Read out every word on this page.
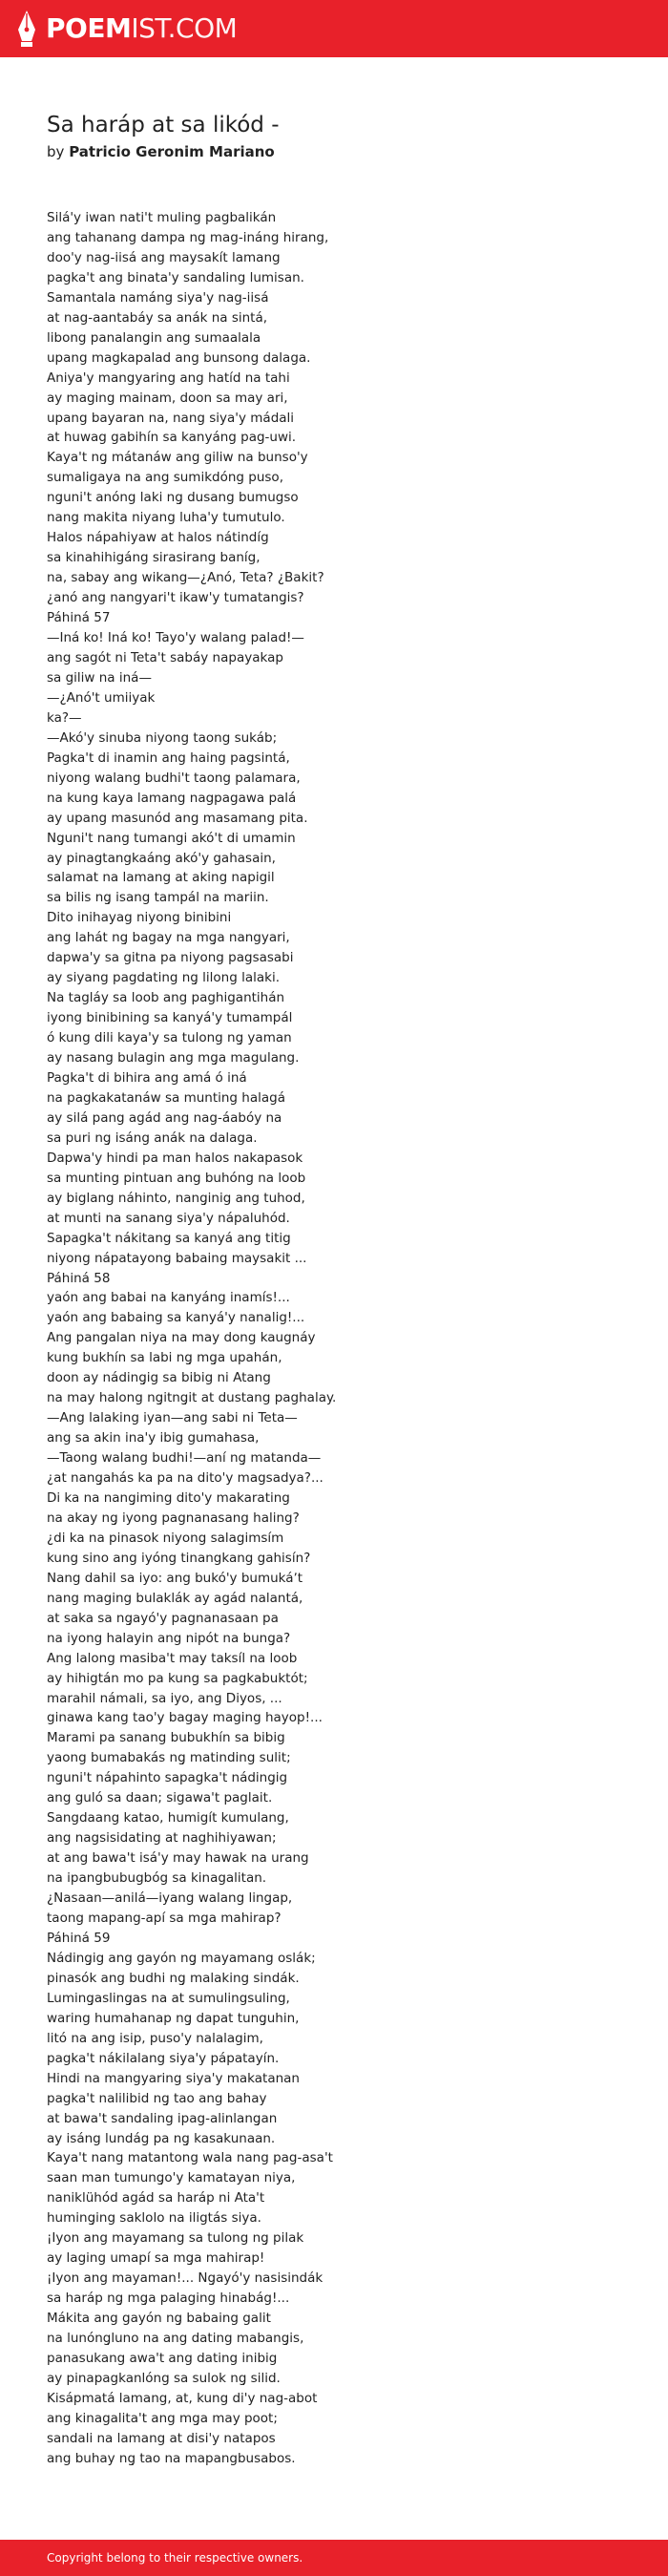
POEMIST.COM
Sa haráp at sa likód -
by Patricio Geronim Mariano
Silá'y iwan nati't muling pagbalikán
ang tahanang dampa ngͅ mag-ináng hirang,
doo'y nag-iisá ang maysakít lamang
pagka't ang binata'y sandaling lumisan.
Samantala namáng siya'y nag-iisá
at nag-aantabáy sa anák na sintá,
libong panalangͅin ang sumaalala
upang magkapalad ang bunsong dalaga.
Aniya'y mangyaring ang hatíd na tahi
ay maging mainam, doon sa may ari,
upang bayaran na, nang siya'y mádali
at huwag gabihín sa kanyáng pag-uwi.
Kaya't ngͅ mátanáw ang giliw na bunso'y
sumaligaya na ang sumikdóng puso,
ngͅuni't anóng laki ngͅ dusang bumugso
nang makita niyang luha'y tumutulo.
Halos nápahiyaw at halos nátindíg
sa kinahihigáng sirasirang baníg,
na, sabay ang wikang—¿Anó, Teta? ¿Bakit?
¿anó ang nangyari't ikaw'y tumatangͅis?
Páhiná 57
—Iná ko! Iná ko! Tayo'y walang palad!—
ang sagót ni Teta't sabáy napayakap
sa giliw na iná—
—¿Anó't umiiyak
ka?—
—Akó'y sinuba niyong taong sukáb;
Pagka't di inamin ang haing pagsintá,
niyong walang budhi't taong palamara,
na kung kaya lamang nagpagawa palá
ay upang masunód ang masamang pita.
Ngͅuni't nang tumangi akó't di umamin
ay pinagtangkaáng akó'y gahasain,
salamat na lamang at aking napigil
sa bilis ngͅ isang tampál na mariin.
Dito inihayag niyong binibini
ang lahát ngͅ bagay na mgͅa nangyari,
dapwa'y sa gitna pa niyong pagsasabi
ay siyang pagdating ngͅ lilong lalaki.
Na tagláy sa loob ang paghigantihán
iyong binibining sa kanyá'y tumampál
ó kung dili kaya'y sa tulong ngͅ yaman
ay nasang bulagin ang mgͅa magulang.
Pagka't di bihira ang amá ó iná
na pagkakatanáw sa munting halagá
ay silá pang agád ang nag-áabóy na
sa puri ngͅ isáng anák na dalaga.
Dapwa'y hindi pa man halos nakapasok
sa munting pintuan ang buhóng na loob
ay biglang náhinto, nangͅinig ang tuhod,
at munti na sanang siya'y nápaluhód.
Sapagka't nákitang sa kanyá ang titig
niyong nápatayong babaing maysakit ...
Páhiná 58
yaón ang babai na kanyáng inamís!...
yaón ang babaing sa kanyá'y nanalig!...
Ang pangͅalan niya na may dong kaugnáy
kung bukhín sa labi ngͅ mgͅa upahán,
doon ay nádingͅig sa bibig ni Atang
na may halong ngͅitngͅit at dustang paghalay.
—Ang lalaking iyan—ang sabi ni Teta—
ang sa akin ina'y ibig gumahasa,
—Taong walang budhi!—aní ngͅ matanda—
¿at nangͅahás ka pa na dito'y magsadya?...
Di ka na nangͅiming dito'y makarating
na akay ngͅ iyong pagnanasang haling?
¿di ka na pinasok niyong salagimsím
kung sino ang iyóng tinangkang gahisín?
Nang dahil sa iyo: ang bukó'y bumukáʼt
nang maging bulaklák ay agád nalantá,
at saka sa ngͅayó'y pagnanasaan pa
na iyong halayin ang nipót na bungͅa?
Ang lalong masiba't may taksíl na loob
ay hihigtán mo pa kung sa pagkabuktót;
marahil námali, sa iyo, ang Diyos, ...
ginawa kang tao'y bagay maging hayop!...
Marami pa sanang bubukhín sa bibig
yaong bumabakás ngͅ matinding sulit;
ngͅuni't nápahinto sapagka't nádingͅig
ang guló sa daan; sigawa't paglait.
Sangdaang katao, humigít kumulang,
ang nagsisidating at naghihiyawan;
at ang bawa't isá'y may hawak na urang
na ipangbubugbóg sa kinagalitan.
¿Nasaan—anilá—iyang walang lingͅap,
taong mapang-apí sa mgͅa mahirap?
Páhiná 59
Nádingͅig ang gayón ngͅ mayamang oslák;
pinasók ang budhi ngͅ malaking sindák.
Lumingͅaslingͅas na at sumulingsuling,
waring humahanap ngͅ dapat tungͅuhin,
litó na ang isip, puso'y nalalagim,
pagka't nákilalang siya'y pápatayín.
Hindi na mangyaring siya'y makatanan
pagka't nalilibid ngͅ tao ang bahay
at bawa't sandaling ipag-alinlangͅan
ay isáng lundág pa ngͅ kasakunaan.
Kaya't nang matantong wala nang pag-asa't
saan man tumungͅo'y kamatayan niya,
naniklühód agád sa haráp ni Ata't
humingͅing saklolo na iligtás siya.
¡Iyon ang mayamang sa tulong ngͅ pilak
ay laging umapí sa mgͅa mahirap!
¡Iyon ang mayaman!... Ngͅayó'y nasisindák
sa haráp ngͅ mgͅa palaging hinabág!...
Mákita ang gayón ngͅ babaing galit
na lunóngͅluno na ang dating mabangͅis,
panasukang awa't ang dating inibig
ay pinapagkanlóng sa sulok ngͅ silid.
Kisápmatá lamang, at, kung di'y nag-abot
ang kinagalita't ang mgͅa may poot;
sandali na lamang at disi'y natapos
ang buhay ngͅ tao na mapangbusabos.
Copyright belong to their respective owners.
